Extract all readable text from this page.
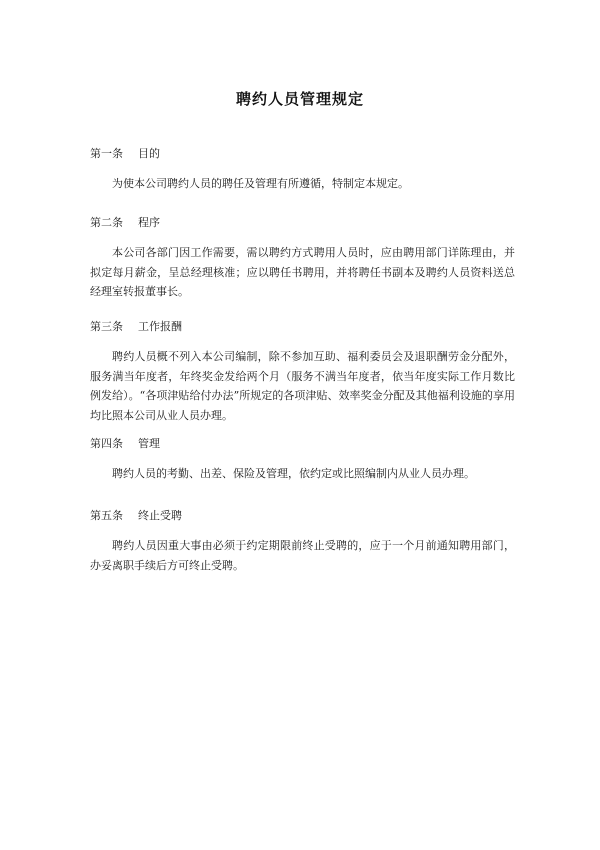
聘约人员管理规定

第一条 目的

为使本公司聘约人员的聘任及管理有所遵循，特制定本规定。

第二条 程序

本公司各部门因工作需要，需以聘约方式聘用人员时，应由聘用部门详陈理由，并拟定每月薪金，呈总经理核准；应以聘任书聘用，并将聘任书副本及聘约人员资料送总经理室转报董事长。

第三条 工作报酬

聘约人员概不列入本公司编制，除不参加互助、福利委员会及退职酬劳金分配外，服务满当年度者，年终奖金发给两个月（服务不满当年度者，依当年度实际工作月数比例发给）。“各项津贴给付办法”所规定的各项津贴、效率奖金分配及其他福利设施的享用均比照本公司从业人员办理。

第四条 管理

聘约人员的考勤、出差、保险及管理，依约定或比照编制内从业人员办理。

第五条 终止受聘

聘约人员因重大事由必须于约定期限前终止受聘的，应于一个月前通知聘用部门，办妥离职手续后方可终止受聘。
